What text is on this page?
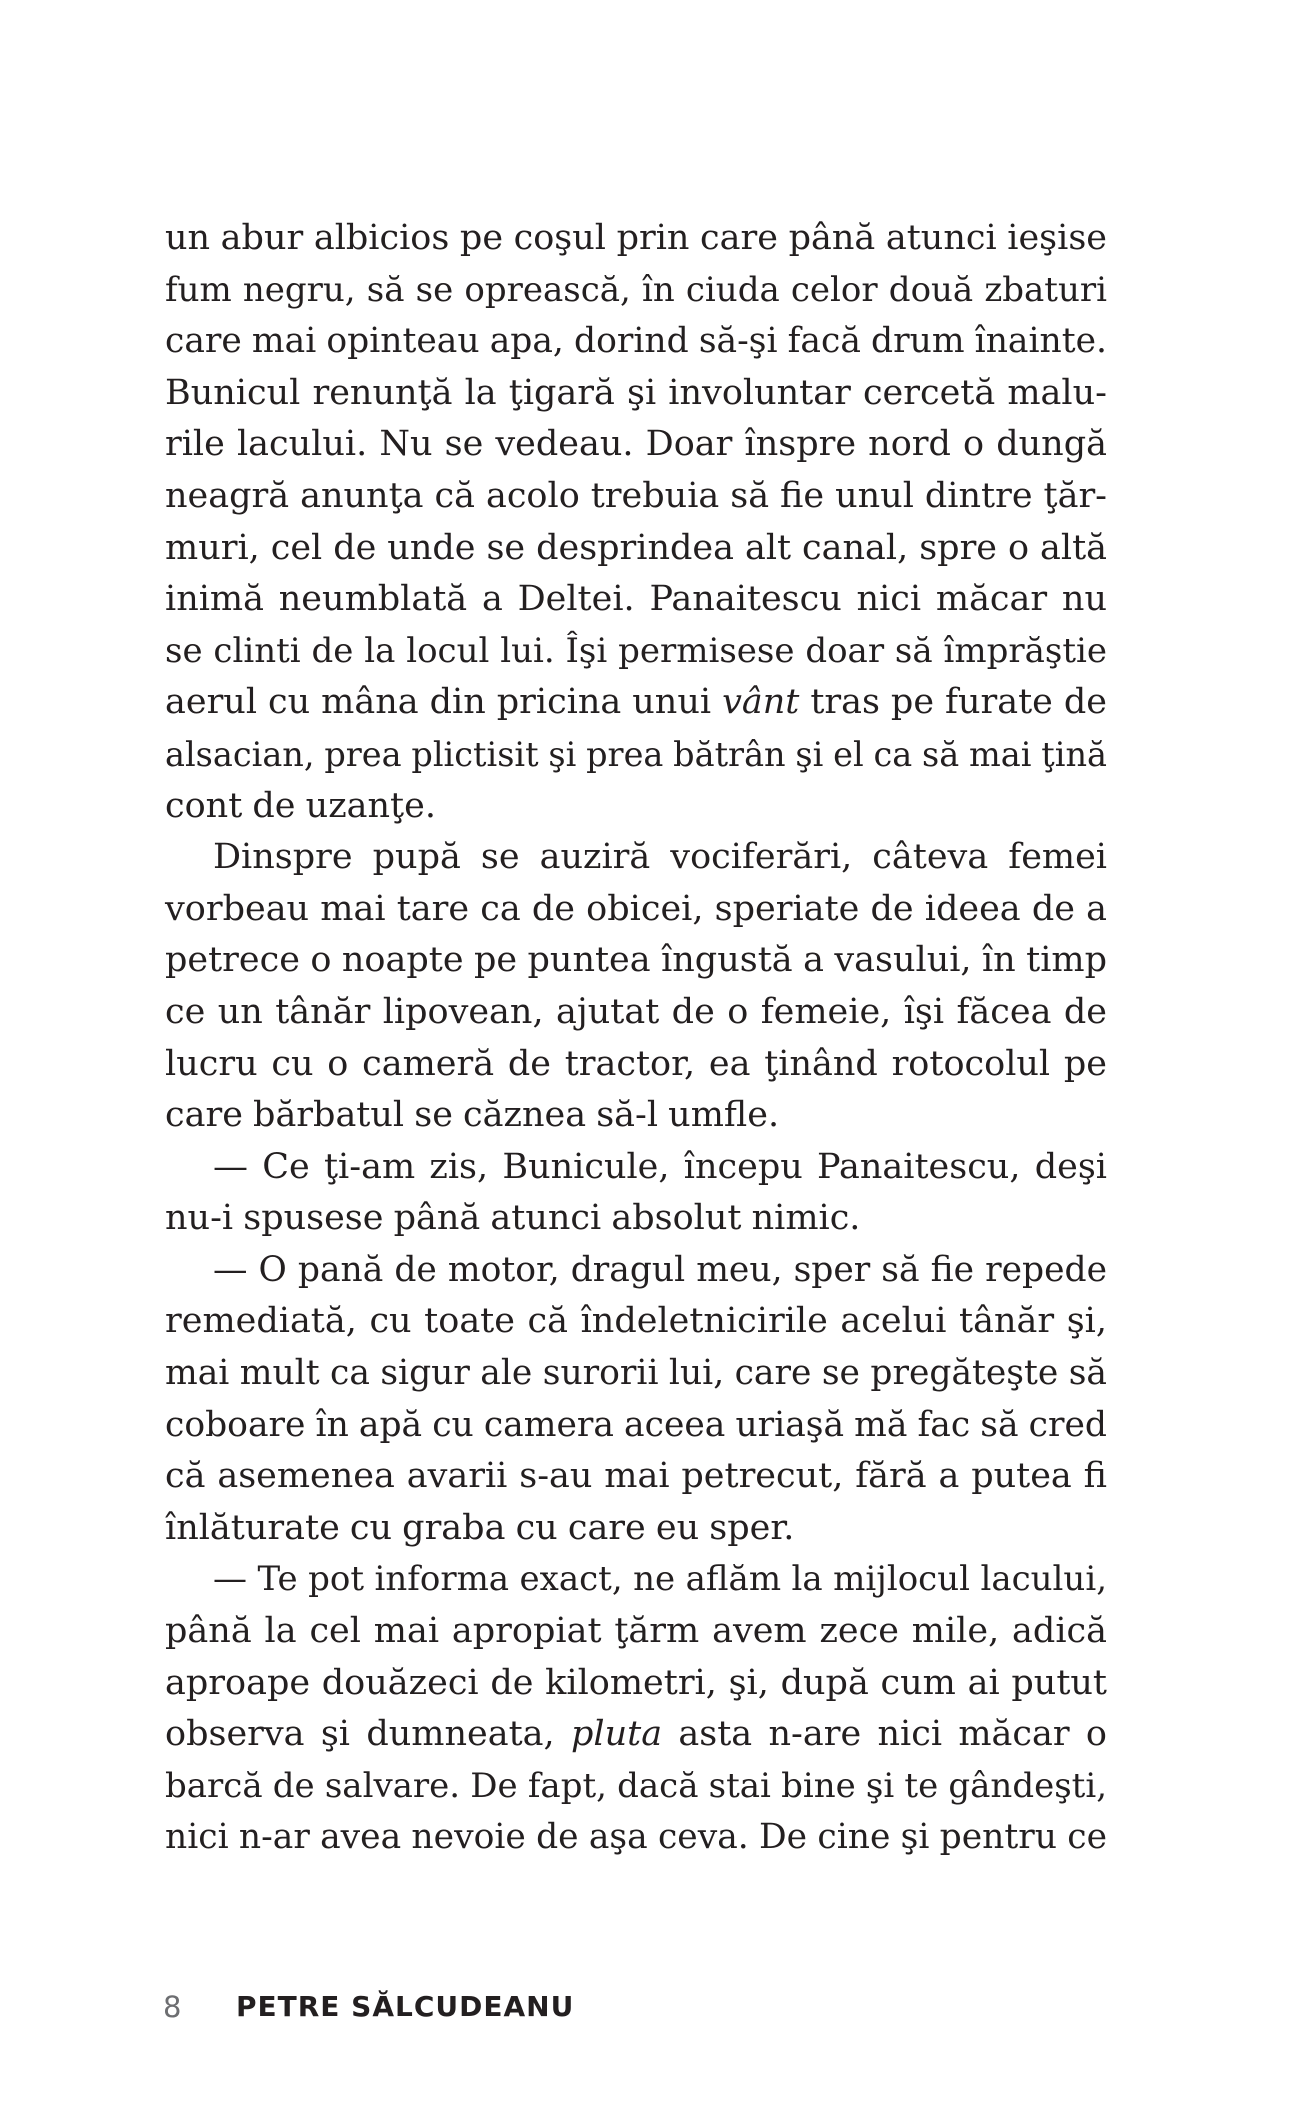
un abur albicios pe coşul prin care până atunci ieşise
fum negru, să se oprească, în ciuda celor două zbaturi
care mai opinteau apa, dorind să-şi facă drum înainte.
Bunicul renunţă la ţigară şi involuntar cercetă malu-
rile lacului. Nu se vedeau. Doar înspre nord o dungă
neagră anunţa că acolo trebuia să fie unul dintre ţăr-
muri, cel de unde se desprindea alt canal, spre o altă
inimă neumblată a Deltei. Panaitescu nici măcar nu
se clinti de la locul lui. Îşi permisese doar să împrăştie
aerul cu mâna din pricina unui vânt tras pe furate de
alsacian, prea plictisit şi prea bătrân şi el ca să mai ţină
cont de uzanţe.
Dinspre pupă se auziră vociferări, câteva femei
vorbeau mai tare ca de obicei, speriate de ideea de a
petrece o noapte pe puntea îngustă a vasului, în timp
ce un tânăr lipovean, ajutat de o femeie, îşi făcea de
lucru cu o cameră de tractor, ea ţinând rotocolul pe
care bărbatul se căznea să-l umfle.
— Ce ţi-am zis, Bunicule, începu Panaitescu, deşi
nu-i spusese până atunci absolut nimic.
— O pană de motor, dragul meu, sper să fie repede
remediată, cu toate că îndeletnicirile acelui tânăr şi,
mai mult ca sigur ale surorii lui, care se pregăteşte să
coboare în apă cu camera aceea uriaşă mă fac să cred
că asemenea avarii s-au mai petrecut, fără a putea fi
înlăturate cu graba cu care eu sper.
— Te pot informa exact, ne aflăm la mijlocul lacului,
până la cel mai apropiat ţărm avem zece mile, adică
aproape douăzeci de kilometri, şi, după cum ai putut
observa şi dumneata, pluta asta n-are nici măcar o
barcă de salvare. De fapt, dacă stai bine şi te gândeşti,
nici n-ar avea nevoie de aşa ceva. De cine şi pentru ce
8 PETRE SĂLCUDEANU
